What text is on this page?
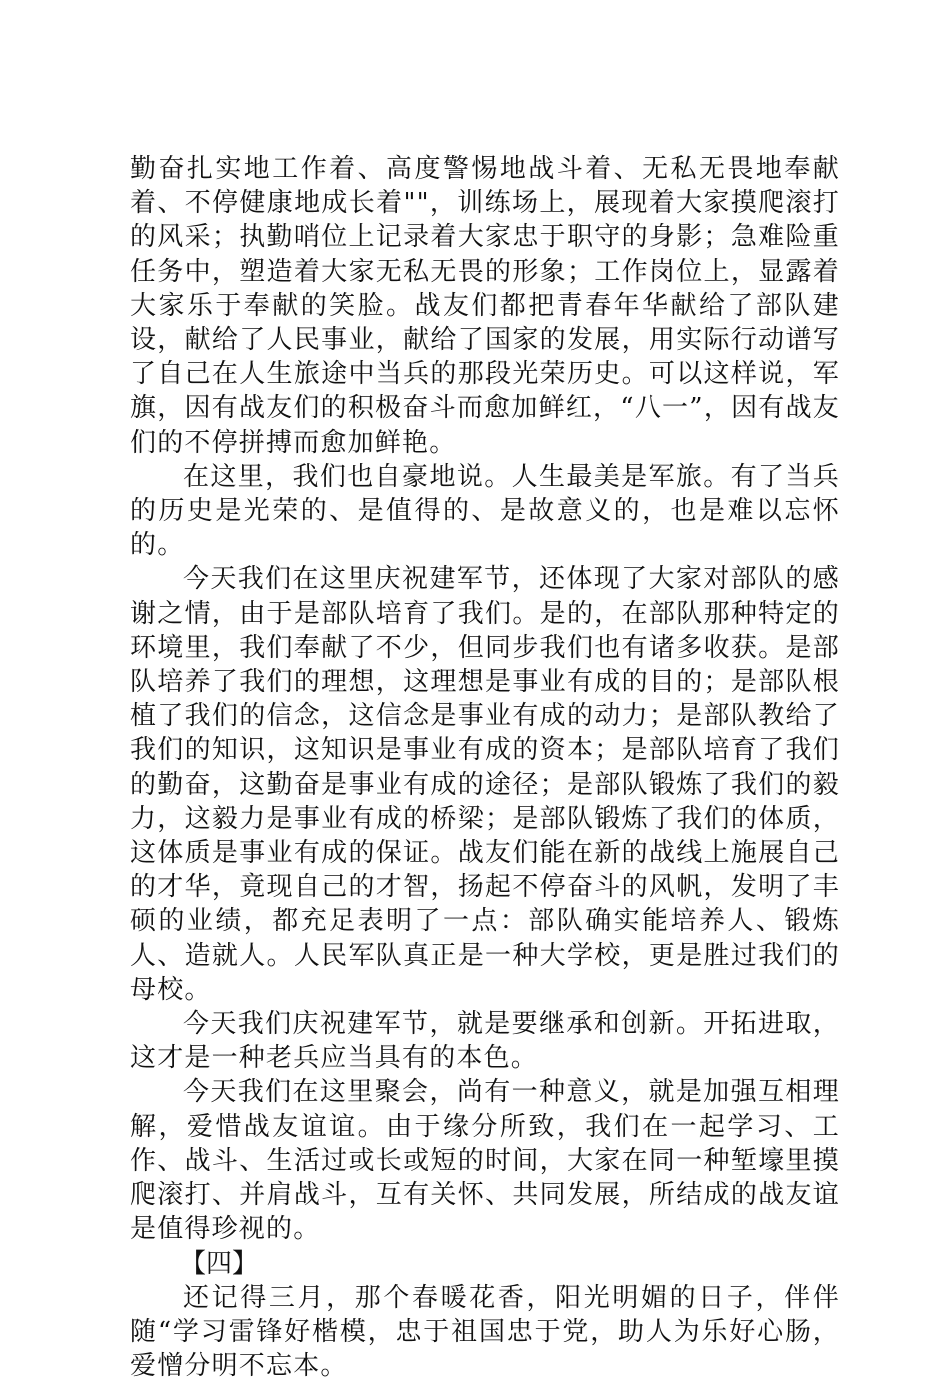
勤奋扎实地工作着、高度警惕地战斗着、无私无畏地奉献着、不停健康地成长着""，训练场上，展现着大家摸爬滚打的风采；执勤哨位上记录着大家忠于职守的身影；急难险重任务中，塑造着大家无私无畏的形象；工作岗位上，显露着大家乐于奉献的笑脸。战友们都把青春年华献给了部队建设，献给了人民事业，献给了国家的发展，用实际行动谱写了自己在人生旅途中当兵的那段光荣历史。可以这样说，军旗，因有战友们的积极奋斗而愈加鲜红，“八一”，因有战友们的不停拼搏而愈加鲜艳。

在这里，我们也自豪地说。人生最美是军旅。有了当兵的历史是光荣的、是值得的、是故意义的，也是难以忘怀的。

今天我们在这里庆祝建军节，还体现了大家对部队的感谢之情，由于是部队培育了我们。是的，在部队那种特定的环境里，我们奉献了不少，但同步我们也有诸多收获。是部队培养了我们的理想，这理想是事业有成的目的；是部队根植了我们的信念，这信念是事业有成的动力；是部队教给了我们的知识，这知识是事业有成的资本；是部队培育了我们的勤奋，这勤奋是事业有成的途径；是部队锻炼了我们的毅力，这毅力是事业有成的桥梁；是部队锻炼了我们的体质，这体质是事业有成的保证。战友们能在新的战线上施展自己的才华，竟现自己的才智，扬起不停奋斗的风帆，发明了丰硕的业绩，都充足表明了一点：部队确实能培养人、锻炼人、造就人。人民军队真正是一种大学校，更是胜过我们的母校。

今天我们庆祝建军节，就是要继承和创新。开拓进取，这才是一种老兵应当具有的本色。

今天我们在这里聚会，尚有一种意义，就是加强互相理解，爱惜战友谊谊。由于缘分所致，我们在一起学习、工作、战斗、生活过或长或短的时间，大家在同一种堑壕里摸爬滚打、并肩战斗，互有关怀、共同发展，所结成的战友谊是值得珍视的。

【四】

还记得三月，那个春暖花香，阳光明媚的日子，伴伴随“学习雷锋好楷模，忠于祖国忠于党，助人为乐好心肠，爱憎分明不忘本。
